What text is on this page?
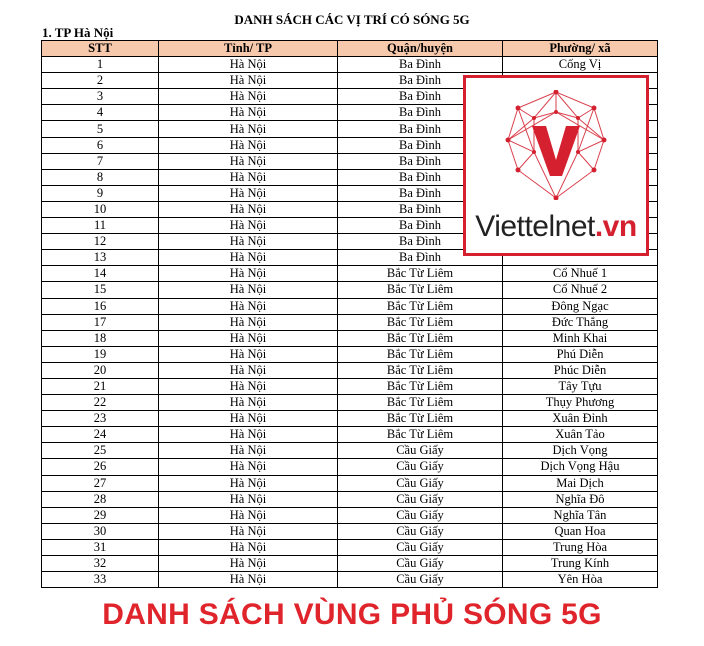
DANH SÁCH CÁC VỊ TRÍ CÓ SÓNG 5G
1. TP Hà Nội
STT	Tỉnh/ TP	Quận/huyện	Phường/ xã
1	Hà Nội	Ba Đình	Cống Vị
2	Hà Nội	Ba Đình	
3	Hà Nội	Ba Đình	
4	Hà Nội	Ba Đình	
5	Hà Nội	Ba Đình	
6	Hà Nội	Ba Đình	
7	Hà Nội	Ba Đình	
8	Hà Nội	Ba Đình	
9	Hà Nội	Ba Đình	
10	Hà Nội	Ba Đình	
11	Hà Nội	Ba Đình	
12	Hà Nội	Ba Đình	
13	Hà Nội	Ba Đình	
14	Hà Nội	Bắc Từ Liêm	Cổ Nhuế 1
15	Hà Nội	Bắc Từ Liêm	Cổ Nhuế 2
16	Hà Nội	Bắc Từ Liêm	Đông Ngạc
17	Hà Nội	Bắc Từ Liêm	Đức Thắng
18	Hà Nội	Bắc Từ Liêm	Minh Khai
19	Hà Nội	Bắc Từ Liêm	Phú Diễn
20	Hà Nội	Bắc Từ Liêm	Phúc Diễn
21	Hà Nội	Bắc Từ Liêm	Tây Tựu
22	Hà Nội	Bắc Từ Liêm	Thụy Phương
23	Hà Nội	Bắc Từ Liêm	Xuân Đỉnh
24	Hà Nội	Bắc Từ Liêm	Xuân Tảo
25	Hà Nội	Cầu Giấy	Dịch Vọng
26	Hà Nội	Cầu Giấy	Dịch Vọng Hậu
27	Hà Nội	Cầu Giấy	Mai Dịch
28	Hà Nội	Cầu Giấy	Nghĩa Đô
29	Hà Nội	Cầu Giấy	Nghĩa Tân
30	Hà Nội	Cầu Giấy	Quan Hoa
31	Hà Nội	Cầu Giấy	Trung Hòa
32	Hà Nội	Cầu Giấy	Trung Kính
33	Hà Nội	Cầu Giấy	Yên Hòa
Viettelnet.vn
DANH SÁCH VÙNG PHỦ SÓNG 5G
